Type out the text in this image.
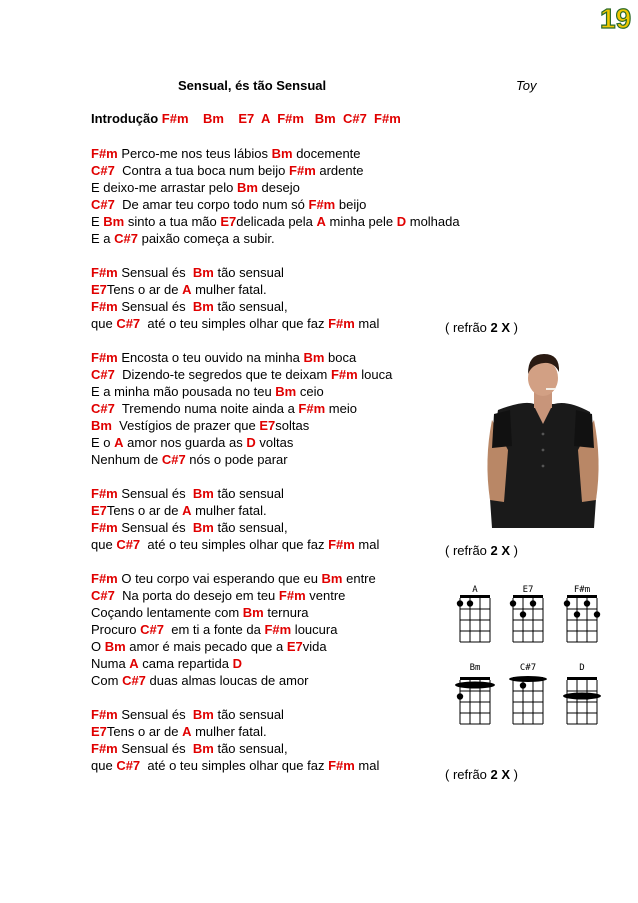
19
Sensual, és tão Sensual	Toy
Introdução F#m Bm E7 A F#m Bm C#7 F#m
F#m Perco-me nos teus lábios Bm docemente
C#7  Contra a tua boca num beijo F#m ardente
E deixo-me arrastar pelo Bm desejo
C#7  De amar teu corpo todo num só F#m beijo
E Bm sinto a tua mão E7delicada pela A minha pele D molhada
E a C#7 paixão começa a subir.
F#m Sensual és  Bm tão sensual
E7Tens o ar de A mulher fatal.
F#m Sensual és  Bm tão sensual,
que C#7  até o teu simples olhar que faz F#m mal
F#m Encosta o teu ouvido na minha Bm boca
C#7  Dizendo-te segredos que te deixam F#m louca
E a minha mão pousada no teu Bm ceio
C#7  Tremendo numa noite ainda a F#m meio
Bm  Vestígios de prazer que E7soltas
E o A amor nos guarda as D voltas
Nenhum de C#7 nós o pode parar
F#m Sensual és  Bm tão sensual
E7Tens o ar de A mulher fatal.
F#m Sensual és  Bm tão sensual,
que C#7  até o teu simples olhar que faz F#m mal
F#m O teu corpo vai esperando que eu Bm entre
C#7  Na porta do desejo em teu F#m ventre
Coçando lentamente com Bm ternura
Procuro C#7  em ti a fonte da F#m loucura
O Bm amor é mais pecado que a E7vida
Numa A cama repartida D
Com C#7 duas almas loucas de amor
F#m Sensual és  Bm tão sensual
E7Tens o ar de A mulher fatal.
F#m Sensual és  Bm tão sensual,
que C#7  até o teu simples olhar que faz F#m mal
( refrão 2 X )
( refrão 2 X )
( refrão 2 X )
A	E7	F#m
Bm	C#7	D
